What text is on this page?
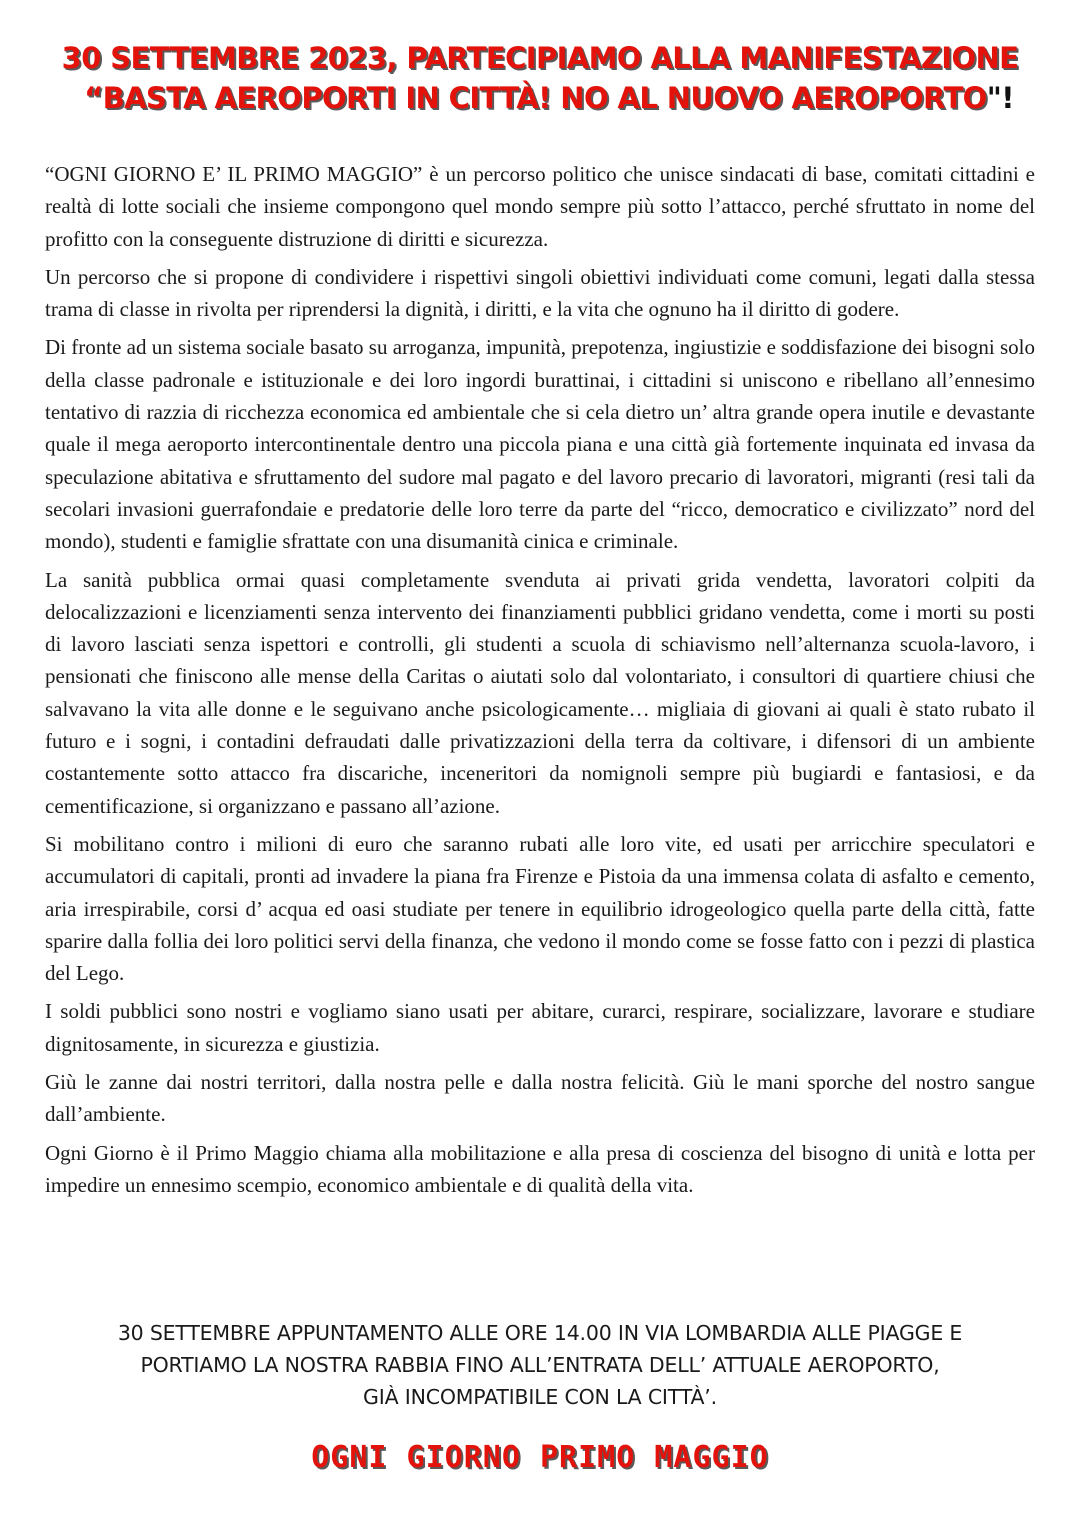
30 SETTEMBRE 2023, PARTECIPIAMO ALLA MANIFESTAZIONE
“BASTA AEROPORTI IN CITTÀ! NO AL NUOVO AEROPORTO"!

“OGNI GIORNO E’ IL PRIMO MAGGIO” è un percorso politico che unisce sindacati di base, comitati cittadini e realtà di lotte sociali che insieme compongono quel mondo sempre più sotto l’attacco, perché sfruttato in nome del profitto con la conseguente distruzione di diritti e sicurezza.

Un percorso che si propone di condividere i rispettivi singoli obiettivi individuati come comuni, legati dalla stessa trama di classe in rivolta per riprendersi la dignità, i diritti, e la vita che ognuno ha il diritto di godere.

Di fronte ad un sistema sociale basato su arroganza, impunità, prepotenza, ingiustizie e soddisfazione dei bisogni solo della classe padronale e istituzionale e dei loro ingordi burattinai, i cittadini si uniscono e ribellano all’ennesimo tentativo di razzia di ricchezza economica ed ambientale che si cela dietro un’ altra grande opera inutile e devastante quale il mega aeroporto intercontinentale dentro una piccola piana e una città già fortemente inquinata ed invasa da speculazione abitativa e sfruttamento del sudore mal pagato e del lavoro precario di lavoratori, migranti (resi tali da secolari invasioni guerrafondaie e predatorie delle loro terre da parte del “ricco, democratico e civilizzato” nord del mondo), studenti e famiglie sfrattate con una disumanità cinica e criminale.

La sanità pubblica ormai quasi completamente svenduta ai privati grida vendetta, lavoratori colpiti da delocalizzazioni e licenziamenti senza intervento dei finanziamenti pubblici gridano vendetta, come i morti su posti di lavoro lasciati senza ispettori e controlli, gli studenti a scuola di schiavismo nell’alternanza scuola-lavoro, i pensionati che finiscono alle mense della Caritas o aiutati solo dal volontariato, i consultori di quartiere chiusi che salvavano la vita alle donne e le seguivano anche psicologicamente… migliaia di giovani ai quali è stato rubato il futuro e i sogni, i contadini defraudati dalle privatizzazioni della terra da coltivare, i difensori di un ambiente costantemente sotto attacco fra discariche, inceneritori da nomignoli sempre più bugiardi e fantasiosi, e da cementificazione, si organizzano e passano all’azione.

Si mobilitano contro i milioni di euro che saranno rubati alle loro vite, ed usati per arricchire speculatori e accumulatori di capitali, pronti ad invadere la piana fra Firenze e Pistoia da una immensa colata di asfalto e cemento, aria irrespirabile, corsi d’ acqua ed oasi studiate per tenere in equilibrio idrogeologico quella parte della città, fatte sparire dalla follia dei loro politici servi della finanza, che vedono il mondo come se fosse fatto con i pezzi di plastica del Lego.

I soldi pubblici sono nostri e vogliamo siano usati per abitare, curarci, respirare, socializzare, lavorare e studiare dignitosamente, in sicurezza e giustizia.

Giù le zanne dai nostri territori, dalla nostra pelle e dalla nostra felicità. Giù le mani sporche del nostro sangue dall’ambiente.

Ogni Giorno è il Primo Maggio chiama alla mobilitazione e alla presa di coscienza del bisogno di unità e lotta per impedire un ennesimo scempio, economico ambientale e di qualità della vita.

30 SETTEMBRE APPUNTAMENTO ALLE ORE 14.00 IN VIA LOMBARDIA ALLE PIAGGE E
PORTIAMO LA NOSTRA RABBIA FINO ALL’ENTRATA DELL’ ATTUALE AEROPORTO,
GIÀ INCOMPATIBILE CON LA CITTÀ’.
OGNI GIORNO PRIMO MAGGIO
